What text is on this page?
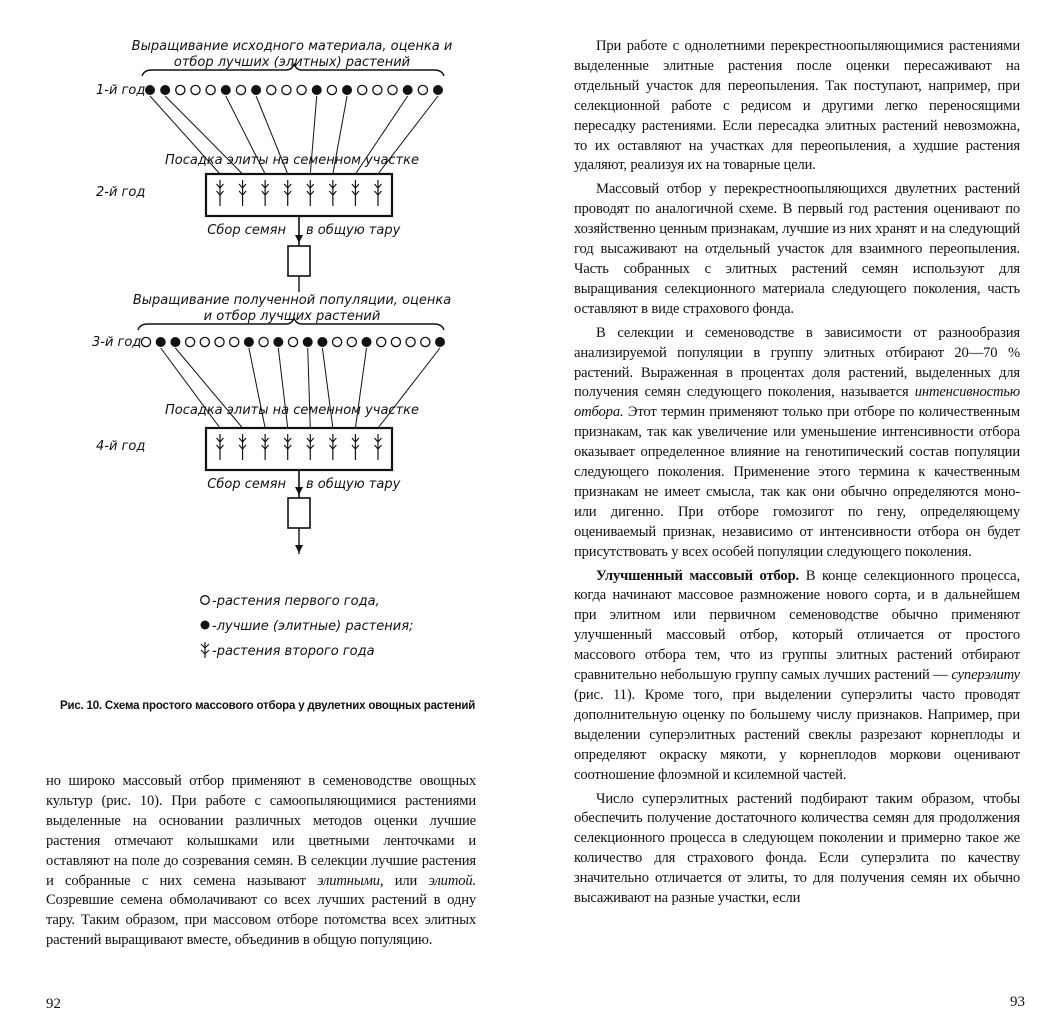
Выращивание исходного материала, оценка и
отбор лучших (элитных) растений
1-й год
Посадка элиты на семенном участке
2-й год
Сбор семян в общую тару
Выращивание полученной популяции, оценка
и отбор лучших растений
3-й год
Посадка элиты на семенном участке
4-й год
Сбор семян в общую тару
-растения первого года,
-лучшие (элитные) растения;
-растения второго года
Рис. 10. Схема простого массового отбора у двулетних овощных растений

но широко массовый отбор применяют в семеноводстве овощных культур (рис. 10). При работе с самоопыляющимися растениями выделенные на основании различных методов оценки лучшие растения отмечают колышками или цветными ленточками и оставляют на поле до созревания семян. В селекции лучшие растения и собранные с них семена называют элитными, или элитой. Созревшие семена обмолачивают со всех лучших растений в одну тару. Таким образом, при массовом отборе потомства всех элитных растений выращивают вместе, объединив в общую популяцию.

92

При работе с однолетними перекрестноопыляющимися растениями выделенные элитные растения после оценки пересаживают на отдельный участок для переопыления. Так поступают, например, при селекционной работе с редисом и другими легко переносящими пересадку растениями. Если пересадка элитных растений невозможна, то их оставляют на участках для переопыления, а худшие растения удаляют, реализуя их на товарные цели.

Массовый отбор у перекрестноопыляющихся двулетних растений проводят по аналогичной схеме. В первый год растения оценивают по хозяйственно ценным признакам, лучшие из них хранят и на следующий год высаживают на отдельный участок для взаимного переопыления. Часть собранных с элитных растений семян используют для выращивания селекционного материала следующего поколения, часть оставляют в виде страхового фонда.

В селекции и семеноводстве в зависимости от разнообразия анализируемой популяции в группу элитных отбирают 20—70 % растений. Выраженная в процентах доля растений, выделенных для получения семян следующего поколения, называется интенсивностью отбора. Этот термин применяют только при отборе по количественным признакам, так как увеличение или уменьшение интенсивности отбора оказывает определенное влияние на генотипический состав популяции следующего поколения. Применение этого термина к качественным признакам не имеет смысла, так как они обычно определяются моно- или дигенно. При отборе гомозигот по гену, определяющему оцениваемый признак, независимо от интенсивности отбора он будет присутствовать у всех особей популяции следующего поколения.

Улучшенный массовый отбор. В конце селекционного процесса, когда начинают массовое размножение нового сорта, и в дальнейшем при элитном или первичном семеноводстве обычно применяют улучшенный массовый отбор, который отличается от простого массового отбора тем, что из группы элитных растений отбирают сравнительно небольшую группу самых лучших растений — суперэлиту (рис. 11). Кроме того, при выделении суперэлиты часто проводят дополнительную оценку по большему числу признаков. Например, при выделении суперэлитных растений свеклы разрезают корнеплоды и определяют окраску мякоти, у корнеплодов моркови оценивают соотношение флоэмной и ксилемной частей.

Число суперэлитных растений подбирают таким образом, чтобы обеспечить получение достаточного количества семян для продолжения селекционного процесса в следующем поколении и примерно такое же количество для страхового фонда. Если суперэлита по качеству значительно отличается от элиты, то для получения семян их обычно высаживают на разные участки, если

93
